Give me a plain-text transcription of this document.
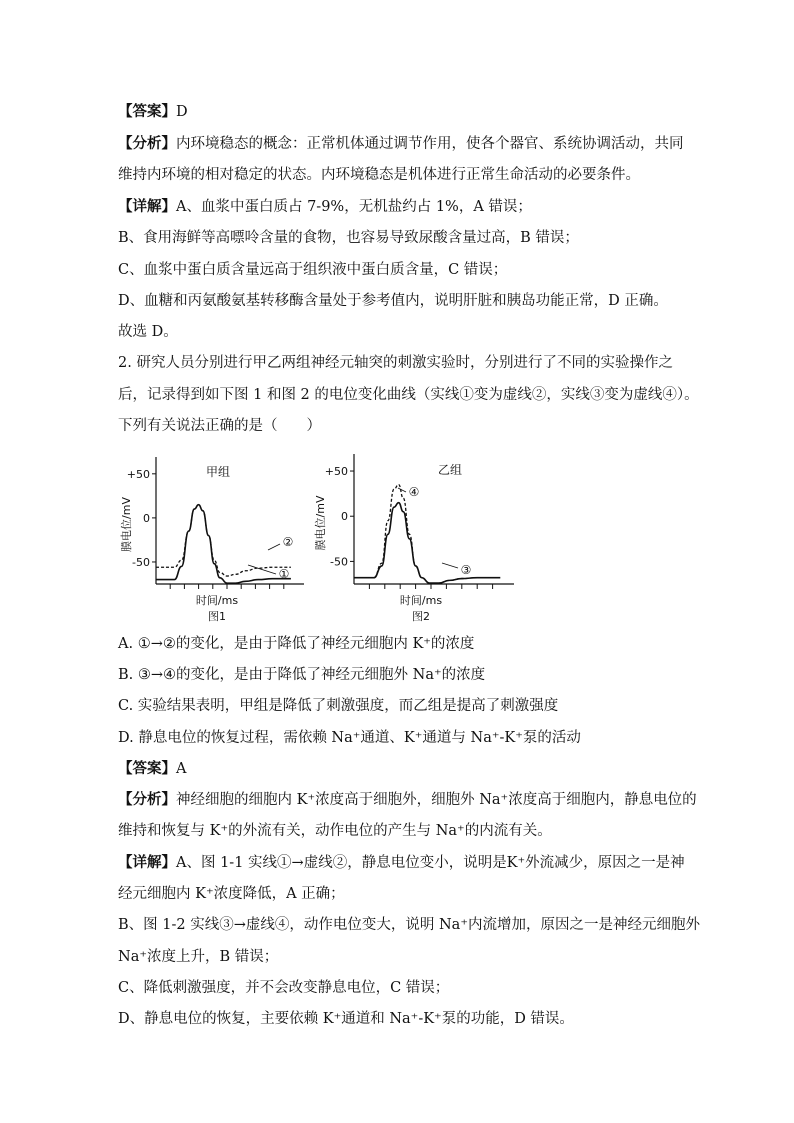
【答案】D
【分析】内环境稳态的概念：正常机体通过调节作用，使各个器官、系统协调活动，共同
维持内环境的相对稳定的状态。内环境稳态是机体进行正常生命活动的必要条件。
【详解】A、血浆中蛋白质占 7-9%，无机盐约占 1%，A 错误；
B、食用海鲜等高嘌呤含量的食物，也容易导致尿酸含量过高，B 错误；
C、血浆中蛋白质含量远高于组织液中蛋白质含量，C 错误；
D、血糖和丙氨酸氨基转移酶含量处于参考值内，说明肝脏和胰岛功能正常，D 正确。
故选 D。
2. 研究人员分别进行甲乙两组神经元轴突的刺激实验时，分别进行了不同的实验操作之
后，记录得到如下图 1 和图 2 的电位变化曲线（实线①变为虚线②，实线③变为虚线④）。
下列有关说法正确的是（　　）
+50
0
-50
膜电位/mV
甲组
时间/ms
图1
①
②
+50
0
-50
膜电位/mV
乙组
时间/ms
图2
③
④
A. ①→②的变化，是由于降低了神经元细胞内 K⁺的浓度
B. ③→④的变化，是由于降低了神经元细胞外 Na⁺的浓度
C. 实验结果表明，甲组是降低了刺激强度，而乙组是提高了刺激强度
D. 静息电位的恢复过程，需依赖 Na⁺通道、K⁺通道与 Na⁺-K⁺泵的活动
【答案】A
【分析】神经细胞的细胞内 K⁺浓度高于细胞外，细胞外 Na⁺浓度高于细胞内，静息电位的
维持和恢复与 K⁺的外流有关，动作电位的产生与 Na⁺的内流有关。
【详解】A、图 1-1 实线①→虚线②，静息电位变小，说明是K⁺外流减少，原因之一是神
经元细胞内 K⁺浓度降低，A 正确；
B、图 1-2 实线③→虚线④，动作电位变大，说明 Na⁺内流增加，原因之一是神经元细胞外
Na⁺浓度上升，B 错误；
C、降低刺激强度，并不会改变静息电位，C 错误；
D、静息电位的恢复，主要依赖 K⁺通道和 Na⁺-K⁺泵的功能，D 错误。
